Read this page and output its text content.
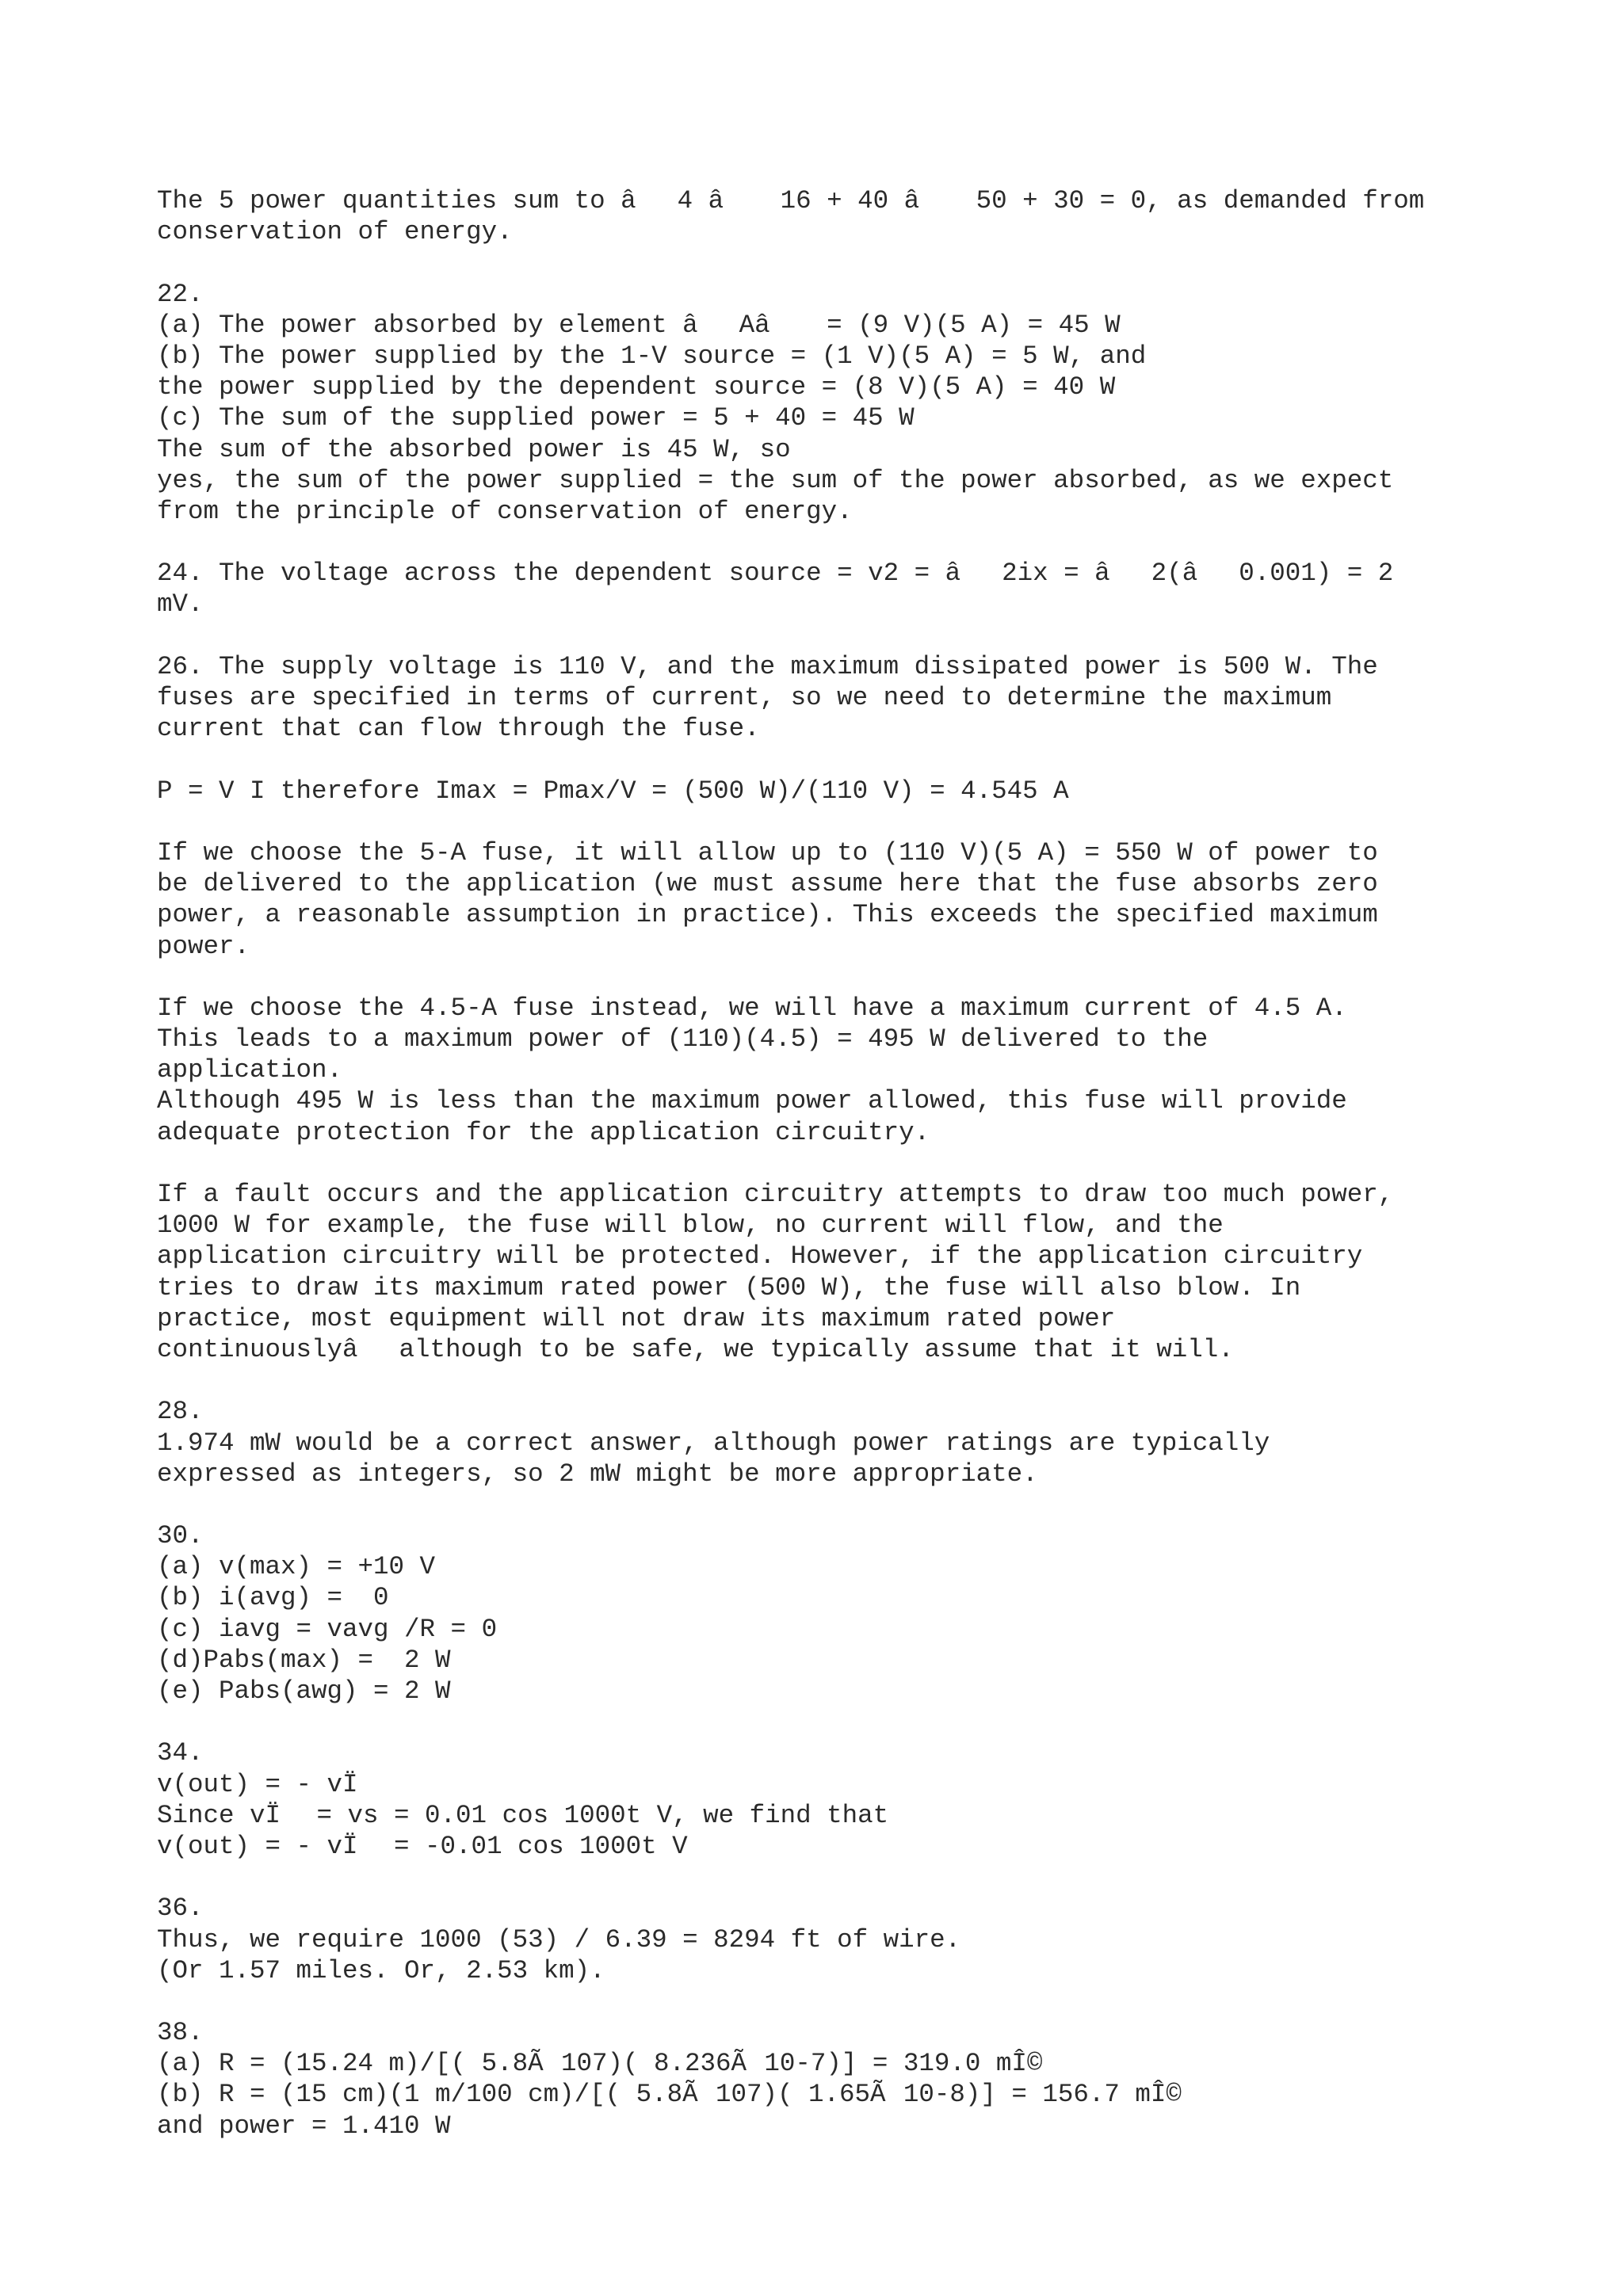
The 5 power quantities sum to â4 â 16 + 40 â 50 + 30 = 0, as demanded from
conservation of energy.
22.
(a) The power absorbed by element âAâ = (9 V)(5 A) = 45 W
(b) The power supplied by the 1-V source = (1 V)(5 A) = 5 W, and
the power supplied by the dependent source = (8 V)(5 A) = 40 W
(c) The sum of the supplied power = 5 + 40 = 45 W
The sum of the absorbed power is 45 W, so
yes, the sum of the power supplied = the sum of the power absorbed, as we expect
from the principle of conservation of energy.
24. The voltage across the dependent source = v2 = â2ix = â2(â0.001) = 2
mV.
26. The supply voltage is 110 V, and the maximum dissipated power is 500 W. The
fuses are specified in terms of current, so we need to determine the maximum
current that can flow through the fuse.
P = V I therefore Imax = Pmax/V = (500 W)/(110 V) = 4.545 A
If we choose the 5-A fuse, it will allow up to (110 V)(5 A) = 550 W of power to
be delivered to the application (we must assume here that the fuse absorbs zero
power, a reasonable assumption in practice). This exceeds the specified maximum
power.
If we choose the 4.5-A fuse instead, we will have a maximum current of 4.5 A.
This leads to a maximum power of (110)(4.5) = 495 W delivered to the
application.
Although 495 W is less than the maximum power allowed, this fuse will provide
adequate protection for the application circuitry.
If a fault occurs and the application circuitry attempts to draw too much power,
1000 W for example, the fuse will blow, no current will flow, and the
application circuitry will be protected. However, if the application circuitry
tries to draw its maximum rated power (500 W), the fuse will also blow. In
practice, most equipment will not draw its maximum rated power
continuouslyâalthough to be safe, we typically assume that it will.
28.
1.974 mW would be a correct answer, although power ratings are typically
expressed as integers, so 2 mW might be more appropriate.
30.
(a) v(max) = +10 V
(b) i(avg) =  0
(c) iavg = vavg /R = 0
(d)Pabs(max) =  2 W
(e) Pabs(awg) = 2 W
34.
v(out) = - vÏ
Since vÏ = vs = 0.01 cos 1000t V, we find that
v(out) = - vÏ = -0.01 cos 1000t V
36.
Thus, we require 1000 (53) / 6.39 = 8294 ft of wire.
(Or 1.57 miles. Or, 2.53 km).
38.
(a) R = (15.24 m)/[( 5.8Ã107)( 8.236Ã10-7)] = 319.0 mÎ©
(b) R = (15 cm)(1 m/100 cm)/[( 5.8Ã107)( 1.65Ã10-8)] = 156.7 mÎ©
and power = 1.410 W
